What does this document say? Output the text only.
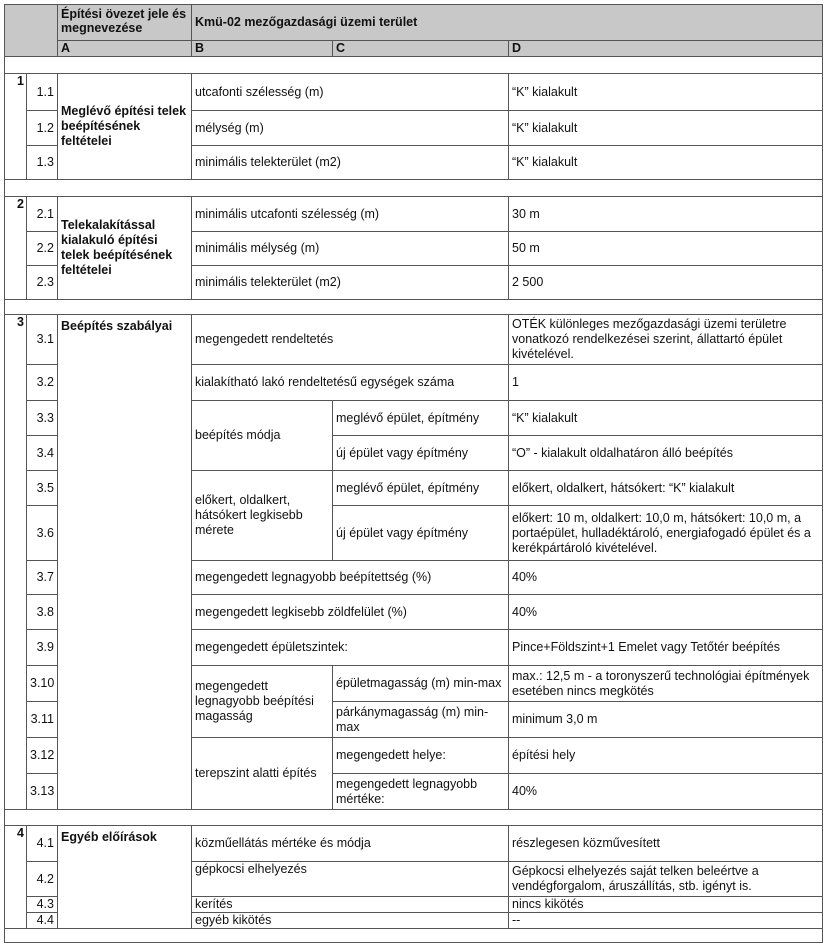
		Építési övezet jele és megnevezése	Kmü-02 mezőgazdasági üzemi terület		
		A	B	C	D

1	1.1	Meglévő építési telek beépítésének feltételei	utcafonti szélesség (m)		“K” kialakult
	1.2		mélység (m)		“K” kialakult
	1.3		minimális telekterület (m2)		“K” kialakult

2	2.1	Telekalakítással kialakuló építési telek beépítésének feltételei	minimális utcafonti szélesség (m)		30 m
	2.2		minimális mélység (m)		50 m
	2.3		minimális telekterület (m2)		2 500

3	3.1	Beépítés szabályai	megengedett rendeltetés		OTÉK különleges mezőgazdasági üzemi területre vonatkozó rendelkezései szerint, állattartó épület kivételével.
	3.2		kialakítható lakó rendeltetésű egységek száma		1
	3.3		beépítés módja	meglévő épület, építmény	“K” kialakult
	3.4			új épület vagy építmény	“O” - kialakult oldalhatáron álló beépítés
	3.5		előkert, oldalkert, hátsókert legkisebb mérete	meglévő épület, építmény	előkert, oldalkert, hátsókert: “K” kialakult
	3.6			új épület vagy építmény	előkert: 10 m, oldalkert: 10,0 m, hátsókert: 10,0 m, a portaépület, hulladéktároló, energiafogadó épület és a kerékpártároló kivételével.
	3.7		megengedett legnagyobb beépítettség (%)		40%
	3.8		megengedett legkisebb zöldfelület (%)		40%
	3.9		megengedett épületszintek:		Pince+Földszint+1 Emelet vagy Tetőtér beépítés
	3.10		megengedett legnagyobb beépítési magasság	épületmagasság (m) min-max	max.: 12,5 m - a toronyszerű technológiai építmények esetében nincs megkötés
	3.11			párkánymagasság (m) min-max	minimum 3,0 m
	3.12		terepszint alatti építés	megengedett helye:	építési hely
	3.13			megengedett legnagyobb mértéke:	40%

4	4.1	Egyéb előírások	közműellátás mértéke és módja		részlegesen közművesített
	4.2		gépkocsi elhelyezés		Gépkocsi elhelyezés saját telken beleértve a vendégforgalom, áruszállítás, stb. igényt is.
	4.3		kerítés		nincs kikötés
	4.4		egyéb kikötés		--
